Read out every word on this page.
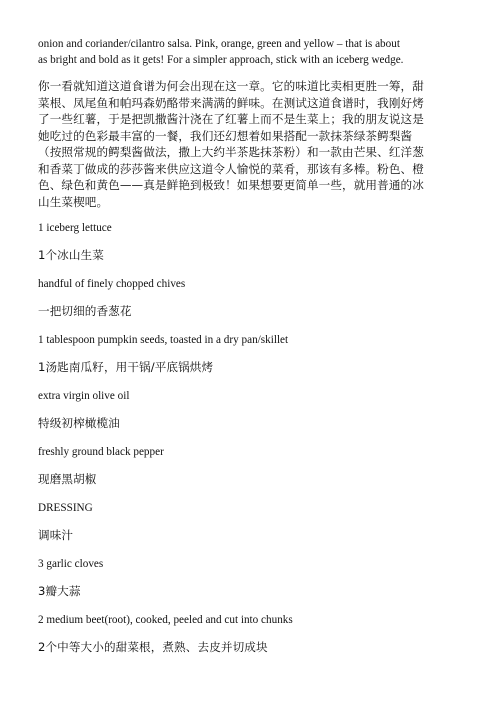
onion and coriander/cilantro salsa. Pink, orange, green and yellow – that is about
as bright and bold as it gets! For a simpler approach, stick with an iceberg wedge.
你一看就知道这道食谱为何会出现在这一章。它的味道比卖相更胜一筹，甜
菜根、凤尾鱼和帕玛森奶酪带来满满的鲜味。在测试这道食谱时，我刚好烤
了一些红薯，于是把凯撒酱汁浇在了红薯上而不是生菜上；我的朋友说这是
她吃过的色彩最丰富的一餐，我们还幻想着如果搭配一款抹茶绿茶鳄梨酱
（按照常规的鳄梨酱做法，撒上大约半茶匙抹茶粉）和一款由芒果、红洋葱
和香菜丁做成的莎莎酱来供应这道令人愉悦的菜肴，那该有多棒。粉色、橙
色、绿色和黄色——真是鲜艳到极致！如果想要更简单一些，就用普通的冰
山生菜楔吧。
1 iceberg lettuce
1个冰山生菜
handful of finely chopped chives
一把切细的香葱花
1 tablespoon pumpkin seeds, toasted in a dry pan/skillet
1汤匙南瓜籽，用干锅/平底锅烘烤
extra virgin olive oil
特级初榨橄榄油
freshly ground black pepper
现磨黑胡椒
DRESSING
调味汁
3 garlic cloves
3瓣大蒜
2 medium beet(root), cooked, peeled and cut into chunks
2个中等大小的甜菜根，煮熟、去皮并切成块
